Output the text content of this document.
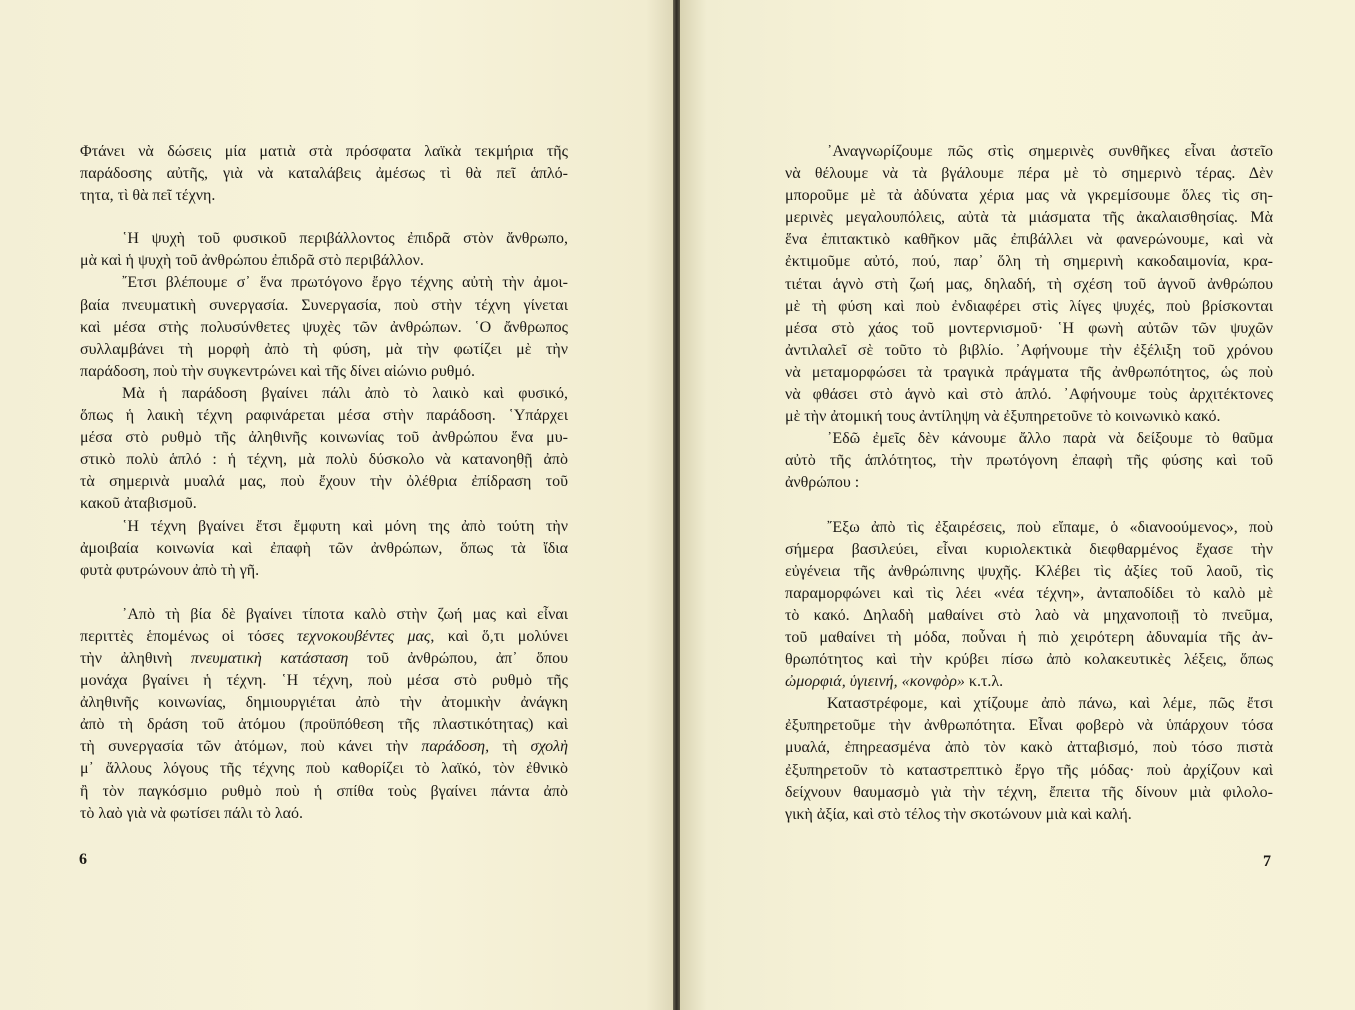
Φτάνει νὰ δώσεις μία ματιὰ στὰ πρόσφατα λαϊκὰ τεκμήρια τῆς
παράδοσης αὐτῆς, γιὰ νὰ καταλάβεις ἀμέσως τὶ θὰ πεῖ ἁπλό-
τητα, τὶ θὰ πεῖ τέχνη.
῾Η ψυχὴ τοῦ φυσικοῦ περιβάλλοντος ἐπιδρᾶ στὸν ἄνθρωπο,
μὰ καὶ ἡ ψυχὴ τοῦ ἀνθρώπου ἐπιδρᾶ στὸ περιβάλλον.
῎Ετσι βλέπουμε σ᾽ ἕνα πρωτόγονο ἔργο τέχνης αὐτὴ τὴν ἀμοι-
βαία πνευματικὴ συνεργασία. Συνεργασία, ποὺ στὴν τέχνη γίνεται
καὶ μέσα στὴς πολυσύνθετες ψυχὲς τῶν ἀνθρώπων. ῾Ο ἄνθρωπος
συλλαμβάνει τὴ μορφὴ ἀπὸ τὴ φύση, μὰ τὴν φωτίζει μὲ τὴν
παράδοση, ποὺ τὴν συγκεντρώνει καὶ τῆς δίνει αἰώνιο ρυθμό.
Μὰ ἡ παράδοση βγαίνει πάλι ἀπὸ τὸ λαικὸ καὶ φυσικό,
ὅπως ἡ λαικὴ τέχνη ραφινάρεται μέσα στὴν παράδοση. ῾Υπάρχει
μέσα στὸ ρυθμὸ τῆς ἀληθινῆς κοινωνίας τοῦ ἀνθρώπου ἕνα μυ-
στικὸ πολὺ ἁπλό : ἡ τέχνη, μὰ πολὺ δύσκολο νὰ κατανοηθῇ ἀπὸ
τὰ σημερινὰ μυαλά μας, ποὺ ἔχουν τὴν ὀλέθρια ἐπίδραση τοῦ
κακοῦ ἀταβισμοῦ.
῾Η τέχνη βγαίνει ἔτσι ἔμφυτη καὶ μόνη της ἀπὸ τούτη τὴν
ἀμοιβαία κοινωνία καὶ ἐπαφὴ τῶν ἀνθρώπων, ὅπως τὰ ἴδια
φυτὰ φυτρώνουν ἀπὸ τὴ γῆ.
᾽Απὸ τὴ βία δὲ βγαίνει τίποτα καλὸ στὴν ζωή μας καὶ εἶναι
περιττὲς ἑπομένως οἱ τόσες τεχνοκουβέντες μας, καὶ ὅ,τι μολύνει
τὴν ἀληθινὴ πνευματικὴ κατάσταση τοῦ ἀνθρώπου, ἀπ᾽ ὅπου
μονάχα βγαίνει ἡ τέχνη. ῾Η τέχνη, ποὺ μέσα στὸ ρυθμὸ τῆς
ἀληθινῆς κοινωνίας, δημιουργιέται ἀπὸ τὴν ἀτομικὴν ἀνάγκη
ἀπὸ τὴ δράση τοῦ ἀτόμου (προϋπόθεση τῆς πλαστικότητας) καὶ
τὴ συνεργασία τῶν ἀτόμων, ποὺ κάνει τὴν παράδοση, τὴ σχολὴ
μ᾽ ἄλλους λόγους τῆς τέχνης ποὺ καθορίζει τὸ λαϊκό, τὸν ἐθνικὸ
ἢ τὸν παγκόσμιο ρυθμὸ ποὺ ἡ σπίθα τοὺς βγαίνει πάντα ἀπὸ
τὸ λαὸ γιὰ νὰ φωτίσει πάλι τὸ λαό.
6
᾽Αναγνωρίζουμε πῶς στὶς σημερινὲς συνθῆκες εἶναι ἀστεῖο
νὰ θέλουμε νὰ τὰ βγάλουμε πέρα μὲ τὸ σημερινὸ τέρας. Δὲν
μποροῦμε μὲ τὰ ἀδύνατα χέρια μας νὰ γκρεμίσουμε ὅλες τὶς ση-
μερινὲς μεγαλουπόλεις, αὐτὰ τὰ μιάσματα τῆς ἀκαλαισθησίας. Μὰ
ἕνα ἐπιτακτικὸ καθῆκον μᾶς ἐπιβάλλει νὰ φανερώνουμε, καὶ νὰ
ἐκτιμοῦμε αὐτό, πού, παρ᾽ ὅλη τὴ σημερινὴ κακοδαιμονία, κρα-
τιέται ἁγνὸ στὴ ζωή μας, δηλαδή, τὴ σχέση τοῦ ἁγνοῦ ἀνθρώπου
μὲ τὴ φύση καὶ ποὺ ἐνδιαφέρει στὶς λίγες ψυχές, ποὺ βρίσκονται
μέσα στὸ χάος τοῦ μοντερνισμοῦ· ῾Η φωνὴ αὐτῶν τῶν ψυχῶν
ἀντιλαλεῖ σὲ τοῦτο τὸ βιβλίο. ᾽Αφήνουμε τὴν ἐξέλιξη τοῦ χρόνου
νὰ μεταμορφώσει τὰ τραγικὰ πράγματα τῆς ἀνθρωπότητος, ὡς ποὺ
νὰ φθάσει στὸ ἁγνὸ καὶ στὸ ἁπλό. ᾽Αφήνουμε τοὺς ἀρχιτέκτονες
μὲ τὴν ἀτομική τους ἀντίληψη νὰ ἐξυπηρετοῦνε τὸ κοινωνικὸ κακό.
᾽Εδῶ ἐμεῖς δὲν κάνουμε ἄλλο παρὰ νὰ δείξουμε τὸ θαῦμα
αὐτὸ τῆς ἁπλότητος, τὴν πρωτόγονη ἐπαφὴ τῆς φύσης καὶ τοῦ
ἀνθρώπου :
῎Εξω ἀπὸ τὶς ἐξαιρέσεις, ποὺ εἴπαμε, ὁ «διανοούμενος», ποὺ
σήμερα βασιλεύει, εἶναι κυριολεκτικὰ διεφθαρμένος ἔχασε τὴν
εὐγένεια τῆς ἀνθρώπινης ψυχῆς. Κλέβει τὶς ἀξίες τοῦ λαοῦ, τὶς
παραμορφώνει καὶ τὶς λέει «νέα τέχνη», ἀνταποδίδει τὸ καλὸ μὲ
τὸ κακό. Δηλαδὴ μαθαίνει στὸ λαὸ νὰ μηχανοποιῇ τὸ πνεῦμα,
τοῦ μαθαίνει τὴ μόδα, ποὖναι ἡ πιὸ χειρότερη ἀδυναμία τῆς ἀν-
θρωπότητος καὶ τὴν κρύβει πίσω ἀπὸ κολακευτικὲς λέξεις, ὅπως
ὠμορφιά, ὑγιεινή, «κονφὸρ» κ.τ.λ.
Καταστρέφομε, καὶ χτίζουμε ἀπὸ πάνω, καὶ λέμε, πῶς ἔτσι
ἐξυπηρετοῦμε τὴν ἀνθρωπότητα. Εἶναι φοβερὸ νὰ ὑπάρχουν τόσα
μυαλά, ἐπηρεασμένα ἀπὸ τὸν κακὸ ἀτταβισμό, ποὺ τόσο πιστὰ
ἐξυπηρετοῦν τὸ καταστρεπτικὸ ἔργο τῆς μόδας· ποὺ ἀρχίζουν καὶ
δείχνουν θαυμασμὸ γιὰ τὴν τέχνη, ἔπειτα τῆς δίνουν μιὰ φιλολο-
γικὴ ἀξία, καὶ στὸ τέλος τὴν σκοτώνουν μιὰ καὶ καλή.
7
